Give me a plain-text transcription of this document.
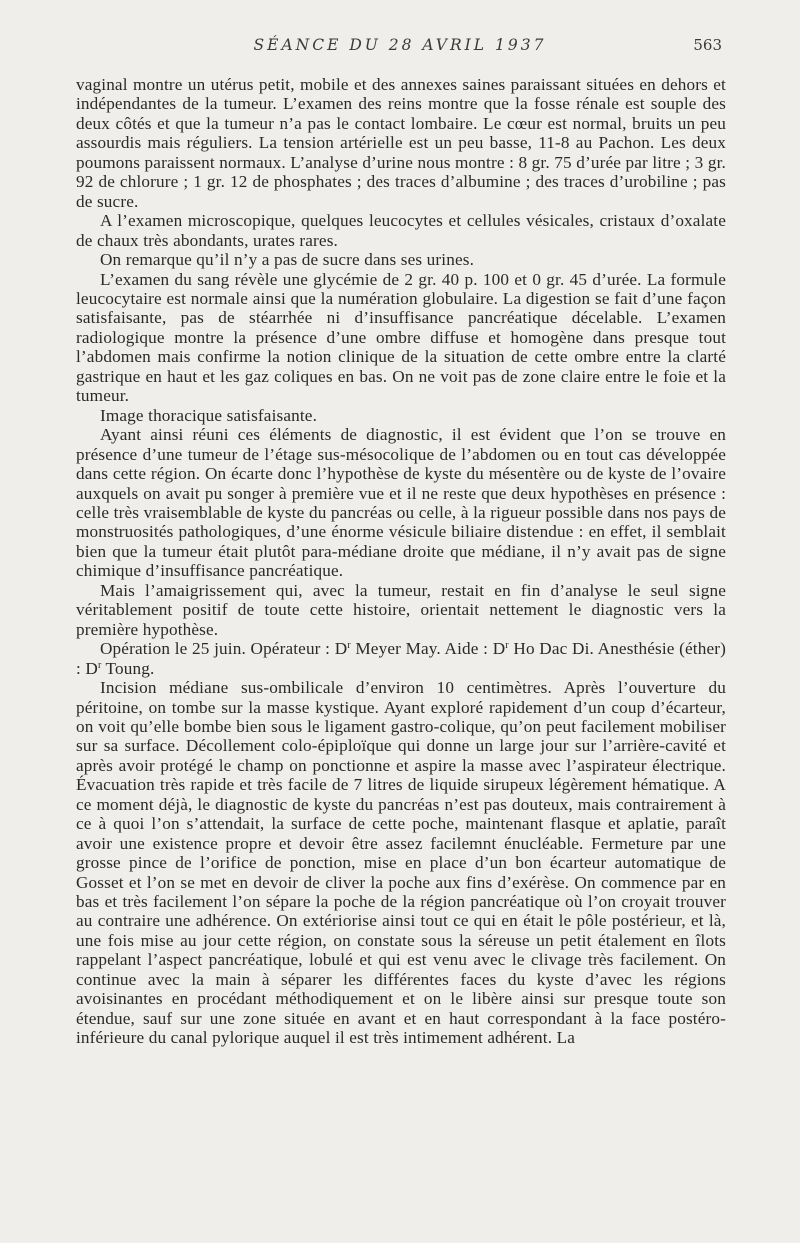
SÉANCE DU 28 AVRIL 1937	563

vaginal montre un utérus petit, mobile et des annexes saines paraissant situées en dehors et indépendantes de la tumeur. L’examen des reins montre que la fosse rénale est souple des deux côtés et que la tumeur n’a pas le contact lombaire. Le cœur est normal, bruits un peu assourdis mais réguliers. La tension artérielle est un peu basse, 11-8 au Pachon. Les deux poumons paraissent normaux. L’analyse d’urine nous montre : 8 gr. 75 d’urée par litre ; 3 gr. 92 de chlorure ; 1 gr. 12 de phosphates ; des traces d’albumine ; des traces d’urobiline ; pas de sucre.

A l’examen microscopique, quelques leucocytes et cellules vésicales, cristaux d’oxalate de chaux très abondants, urates rares.

On remarque qu’il n’y a pas de sucre dans ses urines.

L’examen du sang révèle une glycémie de 2 gr. 40 p. 100 et 0 gr. 45 d’urée. La formule leucocytaire est normale ainsi que la numération globulaire. La digestion se fait d’une façon satisfaisante, pas de stéarrhée ni d’insuffisance pancréatique décelable. L’examen radiologique montre la présence d’une ombre diffuse et homogène dans presque tout l’abdomen mais confirme la notion clinique de la situation de cette ombre entre la clarté gastrique en haut et les gaz coliques en bas. On ne voit pas de zone claire entre le foie et la tumeur.

Image thoracique satisfaisante.

Ayant ainsi réuni ces éléments de diagnostic, il est évident que l’on se trouve en présence d’une tumeur de l’étage sus-mésocolique de l’abdomen ou en tout cas développée dans cette région. On écarte donc l’hypothèse de kyste du mésentère ou de kyste de l’ovaire auxquels on avait pu songer à première vue et il ne reste que deux hypothèses en présence : celle très vraisemblable de kyste du pancréas ou celle, à la rigueur possible dans nos pays de monstruosités pathologiques, d’une énorme vésicule biliaire distendue : en effet, il semblait bien que la tumeur était plutôt para-médiane droite que médiane, il n’y avait pas de signe chimique d’insuffisance pancréatique.

Mais l’amaigrissement qui, avec la tumeur, restait en fin d’analyse le seul signe véritablement positif de toute cette histoire, orientait nettement le diagnostic vers la première hypothèse.

Opération le 25 juin. Opérateur : $D^r$ Meyer May. Aide : $D^r$ Ho Dac Di. Anesthésie (éther) : $D^r$ Toung.

Incision médiane sus-ombilicale d’environ 10 centimètres. Après l’ouverture du péritoine, on tombe sur la masse kystique. Ayant exploré rapidement d’un coup d’écarteur, on voit qu’elle bombe bien sous le ligament gastro-colique, qu’on peut facilement mobiliser sur sa surface. Décollement colo-épiploïque qui donne un large jour sur l’arrière-cavité et après avoir protégé le champ on ponctionne et aspire la masse avec l’aspirateur électrique. Évacuation très rapide et très facile de 7 litres de liquide sirupeux légèrement hématique. A ce moment déjà, le diagnostic de kyste du pancréas n’est pas douteux, mais contrairement à ce à quoi l’on s’attendait, la surface de cette poche, maintenant flasque et aplatie, paraît avoir une existence propre et devoir être assez facilemnt énucléable. Fermeture par une grosse pince de l’orifice de ponction, mise en place d’un bon écarteur automatique de Gosset et l’on se met en devoir de cliver la poche aux fins d’exérèse. On commence par en bas et très facilement l’on sépare la poche de la région pancréatique où l’on croyait trouver au contraire une adhérence. On extériorise ainsi tout ce qui en était le pôle postérieur, et là, une fois mise au jour cette région, on constate sous la séreuse un petit étalement en îlots rappelant l’aspect pancréatique, lobulé et qui est venu avec le clivage très facilement. On continue avec la main à séparer les différentes faces du kyste d’avec les régions avoisinantes en procédant méthodiquement et on le libère ainsi sur presque toute son étendue, sauf sur une zone située en avant et en haut correspondant à la face postéro-inférieure du canal pylorique auquel il est très intimement adhérent. La
